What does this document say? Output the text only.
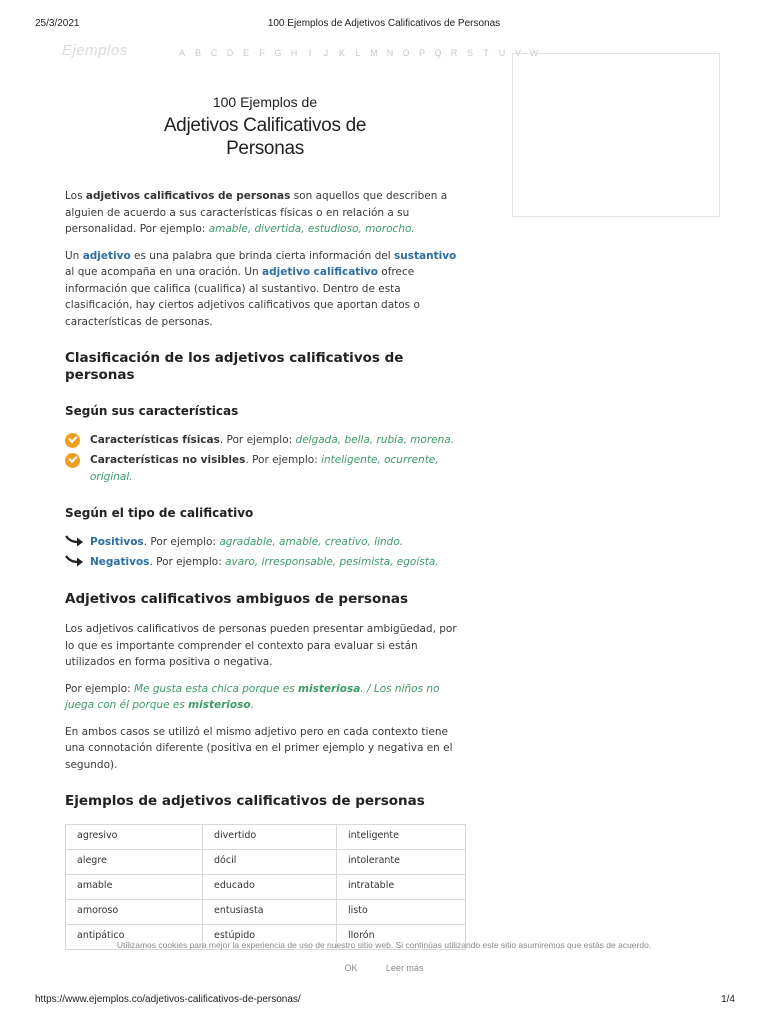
25/3/2021	100 Ejemplos de Adjetivos Calificativos de Personas
Ejemplos	A B C D E F G H I J K L M N O P Q R S T U V W

100 Ejemplos de

Adjetivos Calificativos de
Personas

Los adjetivos calificativos de personas son aquellos que describen a alguien de acuerdo a sus características físicas o en relación a su personalidad. Por ejemplo: amable, divertida, estudioso, morocho.

Un adjetivo es una palabra que brinda cierta información del sustantivo al que acompaña en una oración. Un adjetivo calificativo ofrece información que califica (cualifica) al sustantivo. Dentro de esta clasificación, hay ciertos adjetivos calificativos que aportan datos o características de personas.

Clasificación de los adjetivos calificativos de personas
Según sus características
Características físicas. Por ejemplo: delgada, bella, rubia, morena.
Características no visibles. Por ejemplo: inteligente, ocurrente, original.
Según el tipo de calificativo
Positivos. Por ejemplo: agradable, amable, creativo, lindo.
Negativos. Por ejemplo: avaro, irresponsable, pesimista, egoísta.
Adjetivos calificativos ambiguos de personas

Los adjetivos calificativos de personas pueden presentar ambigüedad, por lo que es importante comprender el contexto para evaluar si están utilizados en forma positiva o negativa.

Por ejemplo: Me gusta esta chica porque es misteriosa. / Los niños no juega con él porque es misterioso.

En ambos casos se utilizó el mismo adjetivo pero en cada contexto tiene una connotación diferente (positiva en el primer ejemplo y negativa en el segundo).

Ejemplos de adjetivos calificativos de personas
agresivo	divertido	inteligente
alegre	dócil	intolerante
amable	educado	intratable
amoroso	entusiasta	listo
antipático	estúpido	llorón
Utilizamos cookies para mejor la experiencia de uso de nuestro sitio web. Si continúas utilizando este sitio asumiremos que estás de acuerdo.
OK	Leer más
https://www.ejemplos.co/adjetivos-calificativos-de-personas/	1/4
